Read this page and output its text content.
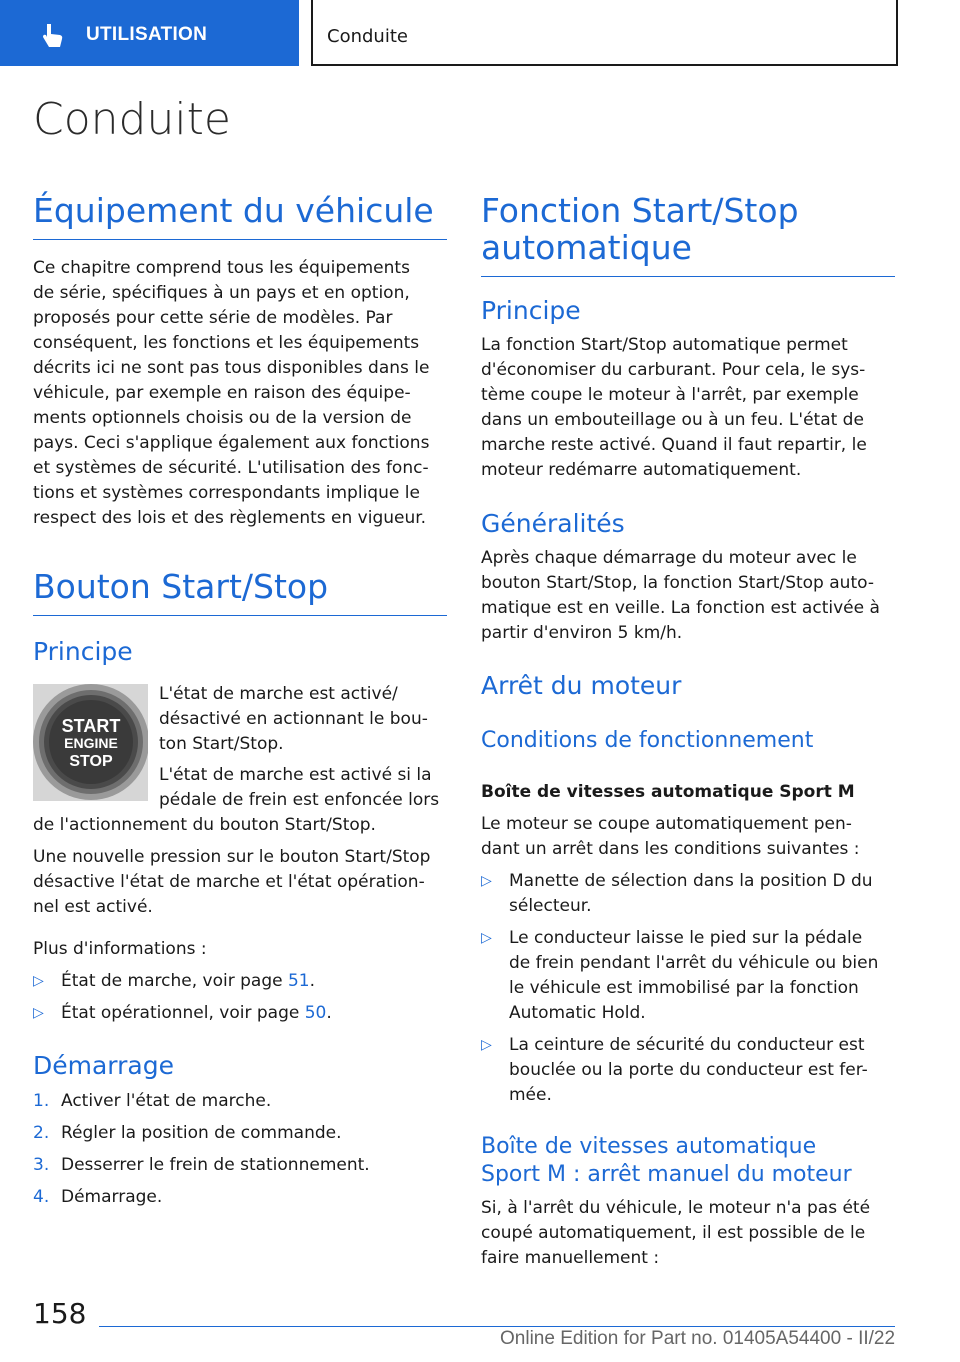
UTILISATION	Conduite
Conduite
Équipement du véhicule

Ce chapitre comprend tous les équipements
de série, spécifiques à un pays et en option,
proposés pour cette série de modèles. Par
conséquent, les fonctions et les équipements
décrits ici ne sont pas tous disponibles dans le
véhicule, par exemple en raison des équipe-
ments optionnels choisis ou de la version de
pays. Ceci s'applique également aux fonctions
et systèmes de sécurité. L'utilisation des fonc-
tions et systèmes correspondants implique le
respect des lois et des règlements en vigueur.

Bouton Start/Stop
Principe

L'état de marche est activé/
désactivé en actionnant le bou-
ton Start/Stop.

L'état de marche est activé si la
pédale de frein est enfoncée lors

de l'actionnement du bouton Start/Stop.

Une nouvelle pression sur le bouton Start/Stop
désactive l'état de marche et l'état opération-
nel est activé.

Plus d'informations :

▷ État de marche, voir page 51.
▷ État opérationnel, voir page 50.
Démarrage
1. Activer l'état de marche.
2. Régler la position de commande.
3. Desserrer le frein de stationnement.
4. Démarrage.
START
ENGINE
STOP
Fonction Start/Stop
automatique
Principe

La fonction Start/Stop automatique permet
d'économiser du carburant. Pour cela, le sys-
tème coupe le moteur à l'arrêt, par exemple
dans un embouteillage ou à un feu. L'état de
marche reste activé. Quand il faut repartir, le
moteur redémarre automatiquement.

Généralités

Après chaque démarrage du moteur avec le
bouton Start/Stop, la fonction Start/Stop auto-
matique est en veille. La fonction est activée à
partir d'environ 5 km/h.

Arrêt du moteur
Conditions de fonctionnement
Boîte de vitesses automatique Sport M

Le moteur se coupe automatiquement pen-
dant un arrêt dans les conditions suivantes :

▷ Manette de sélection dans la position D du
sélecteur.
▷ Le conducteur laisse le pied sur la pédale
de frein pendant l'arrêt du véhicule ou bien
le véhicule est immobilisé par la fonction
Automatic Hold.
▷ La ceinture de sécurité du conducteur est
bouclée ou la porte du conducteur est fer-
mée.
Boîte de vitesses automatique
Sport M : arrêt manuel du moteur

Si, à l'arrêt du véhicule, le moteur n'a pas été
coupé automatiquement, il est possible de le
faire manuellement :

158
Online Edition for Part no. 01405A54400 - II/22
